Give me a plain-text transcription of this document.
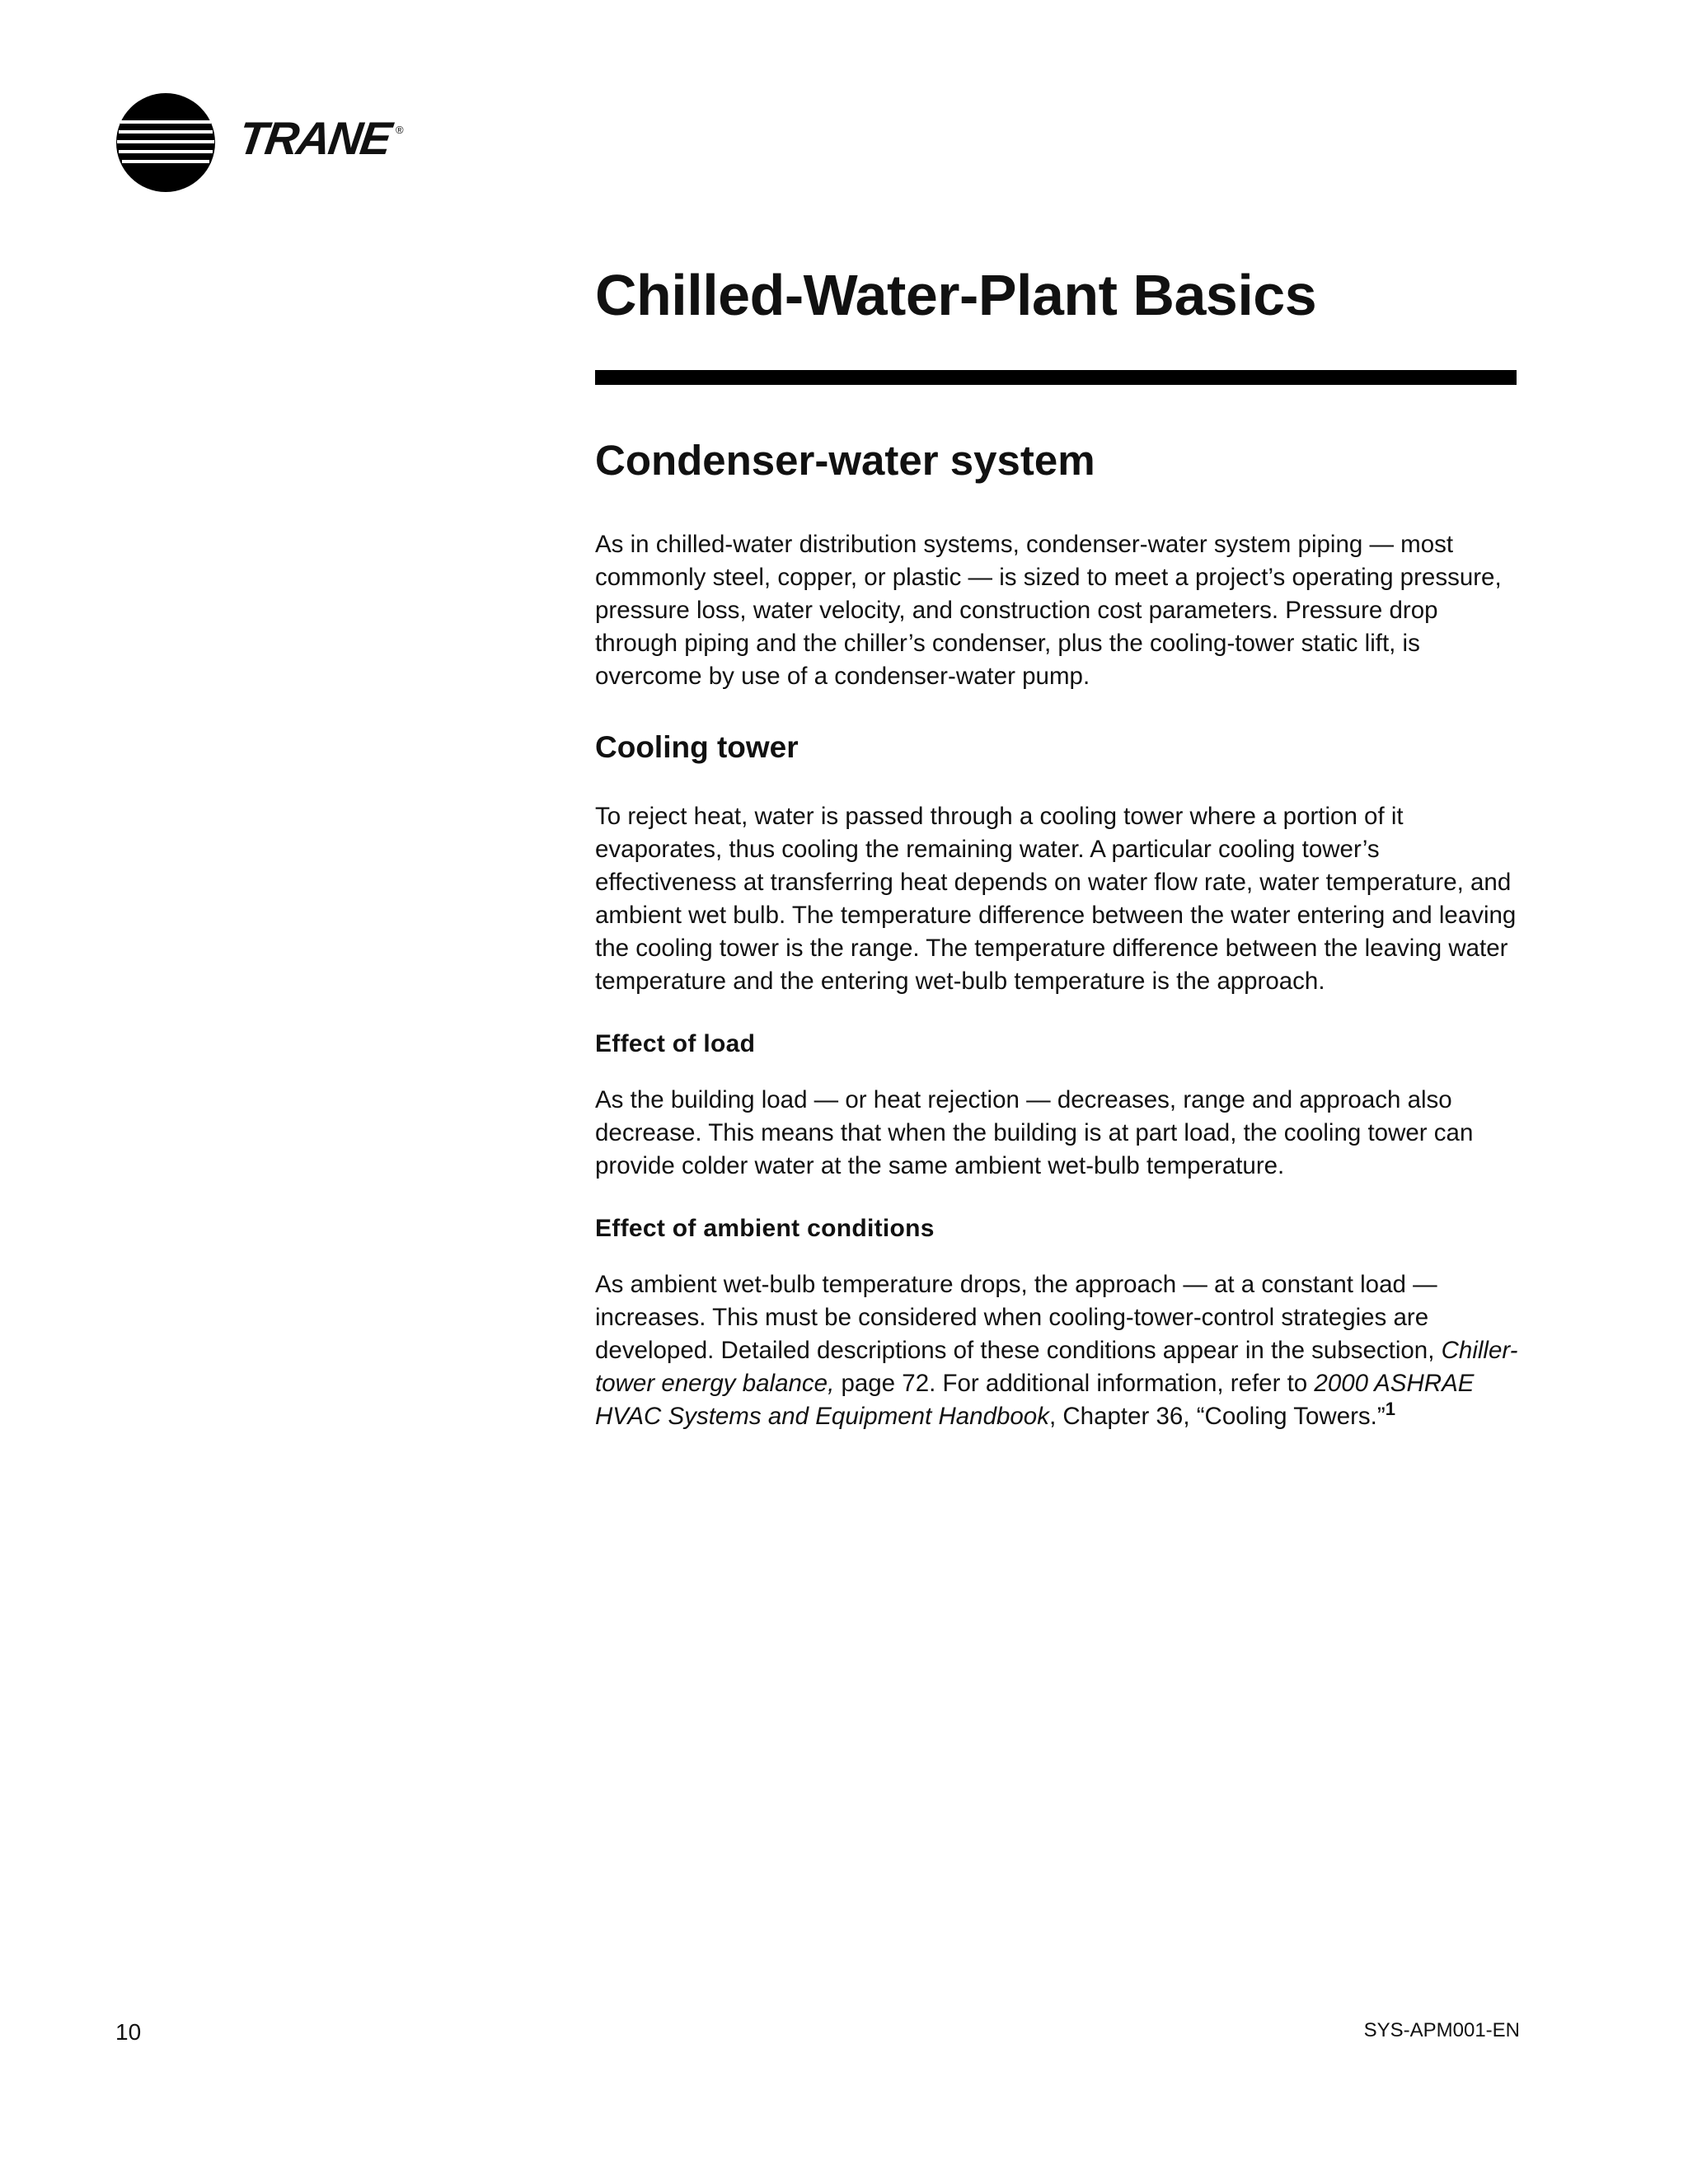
TRANE ®
Chilled-Water-Plant Basics
Condenser-water system

As in chilled-water distribution systems, condenser-water system piping — most commonly steel, copper, or plastic — is sized to meet a project’s operating pressure, pressure loss, water velocity, and construction cost parameters. Pressure drop through piping and the chiller’s condenser, plus the cooling-tower static lift, is overcome by use of a condenser-water pump.

Cooling tower

To reject heat, water is passed through a cooling tower where a portion of it evaporates, thus cooling the remaining water. A particular cooling tower’s effectiveness at transferring heat depends on water flow rate, water temperature, and ambient wet bulb. The temperature difference between the water entering and leaving the cooling tower is the range. The temperature difference between the leaving water temperature and the entering wet-bulb temperature is the approach.

Effect of load

As the building load — or heat rejection — decreases, range and approach also decrease. This means that when the building is at part load, the cooling tower can provide colder water at the same ambient wet-bulb temperature.

Effect of ambient conditions

As ambient wet-bulb temperature drops, the approach — at a constant load — increases. This must be considered when cooling-tower-control strategies are developed. Detailed descriptions of these conditions appear in the subsection, Chiller-tower energy balance, page 72. For additional information, refer to 2000 ASHRAE HVAC Systems and Equipment Handbook, Chapter 36, “Cooling Towers.”$^1$

10	SYS-APM001-EN
